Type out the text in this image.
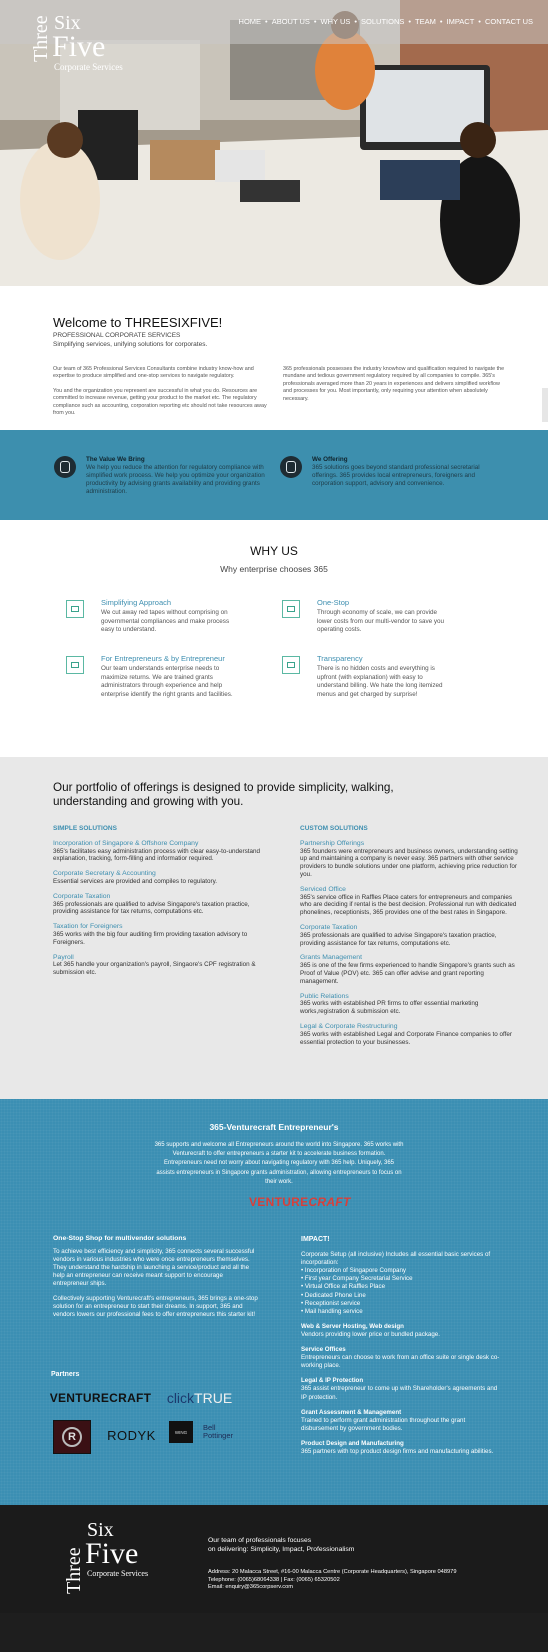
Three Six
Five
Corporate Services
HOME • ABOUT US • WHY US • SOLUTIONS • TEAM • IMPACT • CONTACT US
Welcome to THREESIXFIVE!
PROFESSIONAL CORPORATE SERVICES
Simplifying services, unifying solutions for corporates.

Our team of 365 Professional Services Consultants combine industry know-how and expertise to produce simplified and one-stop services to navigate regulatory.

You and the organization you represent are successful in what you do. Resources are committed to increase revenue, getting your product to the market etc. The regulatory compliance such as accounting, corporation reporting etc should not take resources away from you.

365 professionals possesses the industry knowhow and qualification required to navigate the mundane and tedious government regulatory required by all companies to compile. 365's professionals averaged more than 20 years in experiences and delivers simplified workflow and processes for you. Most importantly, only requiring your attention when absolutely necessary.

The Value We Bring
We help you reduce the attention for regulatory compliance with simplified work process. We help you optimize your organization productivity by advising grants availability and providing grants administration.
We Offering
365 solutions goes beyond standard professional secretarial offerings. 365 provides local entrepreneurs, foreigners and corporation support, advisory and convenience.
WHY US
Why enterprise chooses 365
Simplifying Approach
We cut away red tapes without comprising on governmental compliances and make process easy to understand.
One-Stop
Through economy of scale, we can provide lower costs from our multi-vendor to save you operating costs.
For Entrepreneurs & by Entrepreneur
Our team understands enterprise needs to maximize returns. We are trained grants administrators through experience and help enterprise identify the right grants and facilities.
Transparency
There is no hidden costs and everything is upfront (with explanation) with easy to understand billing. We hate the long itemized menus and get charged by surprise!
Our portfolio of offerings is designed to provide simplicity, walking, understanding and growing with you.
SIMPLE SOLUTIONS
Incorporation of Singapore & Offshore Company
365's facilitates easy administration process with clear easy-to-understand explanation, tracking, form-filling and informatior required.
Corporate Secretary & Accounting
Essential services are provided and compiles to regulatory.
Corporate Taxation
365 professionals are qualified to advise Singapore's taxation practice, providing assistance for tax returns, computations etc.
Taxation for Foreigners
365 works with the big four auditing firm providing taxation advisory to Foreigners.
Payroll
Let 365 handle your organization's payroll, Singaore's CPF registration & submission etc.
CUSTOM SOLUTIONS
Partnership Offerings
365 founders were entrepreneurs and business owners, understanding setting up and maintaining a company is never easy. 365 partners with other service providers to bundle solutions under one platform, achieving price reduction for you.
Serviced Office
365's service office in Raffles Place caters for entrepreneurs and companies who are deciding if rental is the best decision. Professional run with dedicated phonelines, receptionists, 365 provides one of the best rates in Singapore.
Corporate Taxation
365 professionals are qualified to advise Singapore's taxation practice, providing assistance for tax returns, computations etc.
Grants Management
365 is one of the few firms experienced to handle Singapore's grants such as Proof of Value (POV) etc. 365 can offer advise and grant reporting management.
Public Relations
365 works with established PR firms to offer essential marketing works,registration & submission etc.
Legal & Corporate Restructuring
365 works with established Legal and Corporate Finance companies to offer essential protection to your businesses.
365-Venturecraft Entrepreneur's
365 supports and welcome all Entrepreneurs around the world into Singapore. 365 works with Venturecraft to offer entrepreneurs a starter kit to accelerate business formation. Entrepreneurs need not worry about navigating regulatory with 365 help. Uniquely, 365 assists entrepreneurs in Singapore grants administration, allowing entrepreneurs to focus on their work.
VENTURECRAFT
One-Stop Shop for multivendor solutions

To achieve best efficiency and simplicity, 365 connects several successful vendors in various industries who were once entrepreneurs themselves. They understand the hardship in launching a service/product and all the help an entrepreneur can receive meant support to encourage entrepreneur ships.

Collectively supporting Venturecraft's entrepreneurs, 365 brings a one-stop solution for an entrepreneur to start their dreams. In support, 365 and vendors lowers our professional fees to offer entrepreneurs this starter kit!

IMPACT!
Corporate Setup (all inclusive) Includes all essential basic services of incorporation:
• Incorporation of Singapore Company
• First year Company Secretarial Service
• Virtual Office at Raffles Place
• Dedicated Phone Line
• Receptionist service
• Mail handling service
Web & Server Hosting, Web design
Vendors providing lower price or bundled package.
Service Offices
Entrepreneurs can choose to work from an office suite or single desk co-working place.
Legal & IP Protection
365 assist entrepreneur to come up with Shareholder's agreements and IP protection.
Grant Assessment & Management
Trained to perform grant administration throughout the grant disbursement by government bodies.
Product Design and Manufacturing
365 partners with top product design firms and manufacturing abilities.
Partners
VENTURECRAFT click TRUE
R	RODYK	WING	Bell
Pottinger
Three
Six
Five
Corporate Services
Our team of professionals focuses
on delivering: Simplicity, Impact, Professionalism
Address: 20 Malacca Street, #16-00 Malacca Centre (Corporate Headquarters), Singapore 048979
Telephone: (0065)68064338 | Fax: (0065) 65320502
Email: enquiry@365corpserv.com
